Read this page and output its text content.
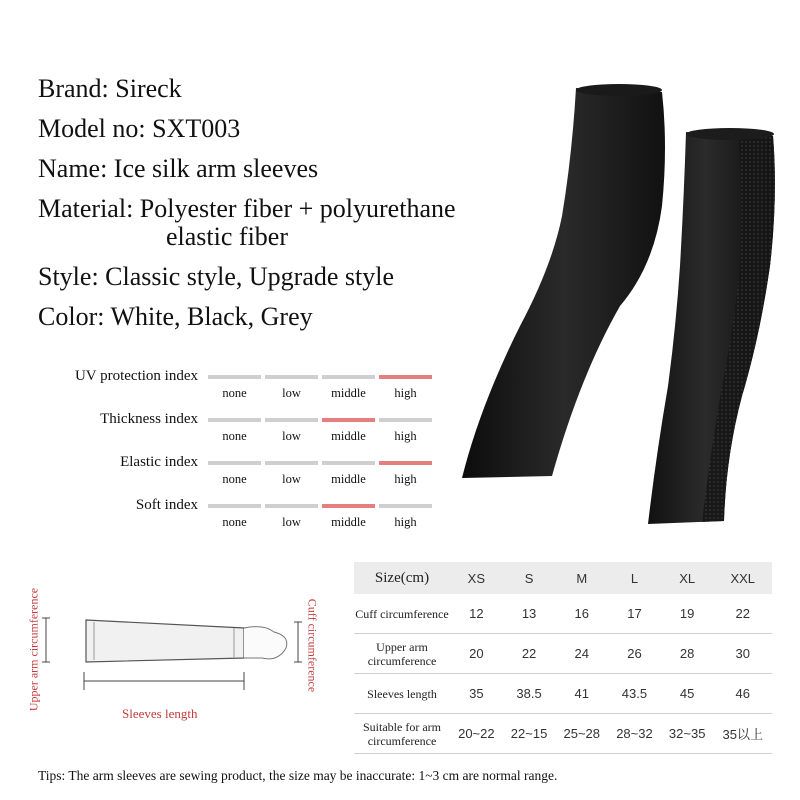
Brand: Sireck
Model no: SXT003
Name: Ice silk arm sleeves
Material: Polyester fiber + polyurethane
elastic fiber
Style: Classic style, Upgrade style
Color: White, Black, Grey
UV protection index
none	low	middle	high
Thickness index
none	low	middle	high
Elastic index
none	low	middle	high
Soft index
none	low	middle	high
Upper arm circumference	Cuff circumference
Sleeves length
Size(cm)	XS	S	M	L	XL	XXL
Cuff circumference	12	13	16	17	19	22
Upper arm circumference	20	22	24	26	28	30
Sleeves length	35	38.5	41	43.5	45	46
Suitable for arm circumference	20~22	22~15	25~28	28~32	32~35	35以上
Tips: The arm sleeves are sewing product, the size may be inaccurate: 1~3 cm are normal range.
